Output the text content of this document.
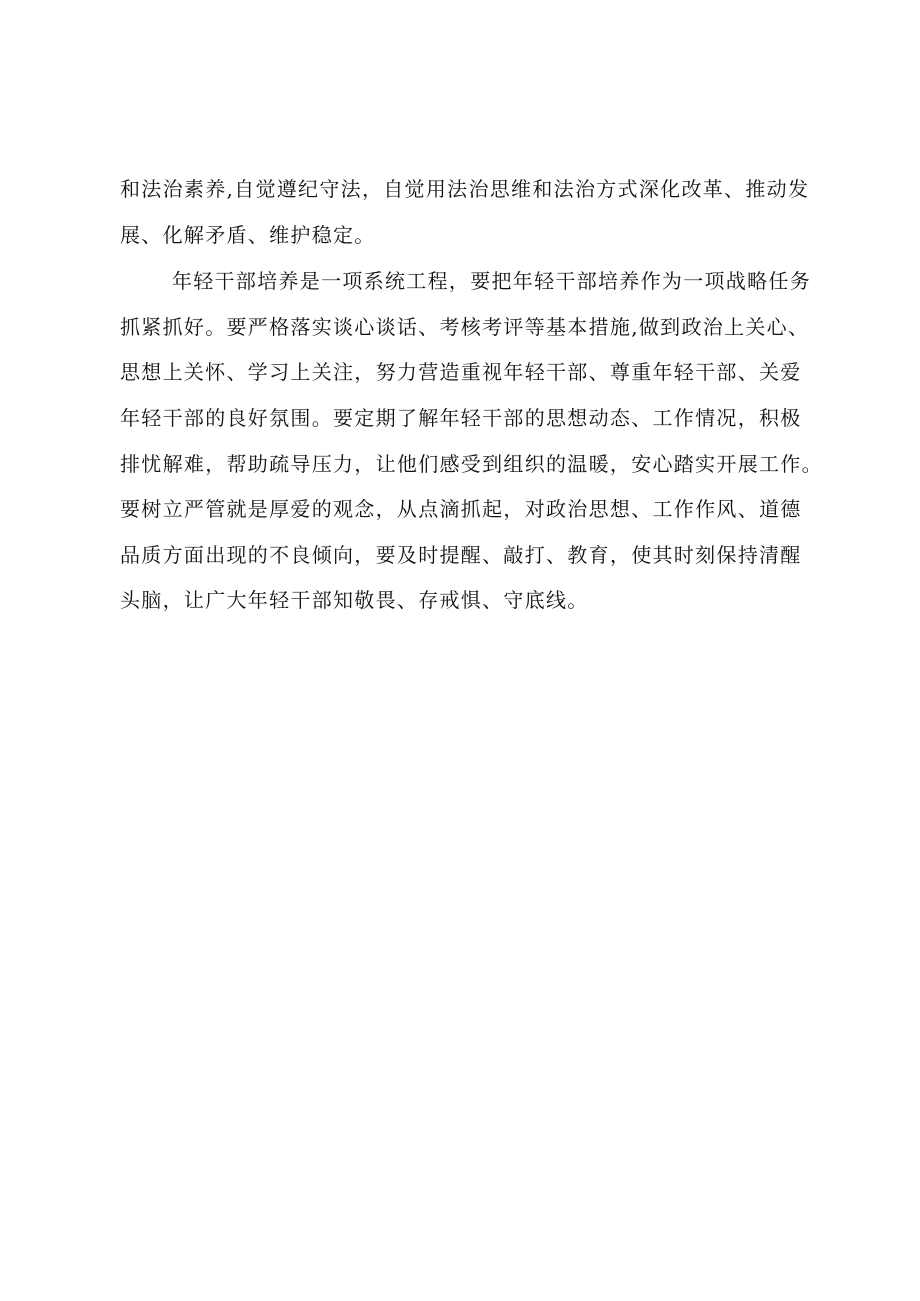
和法治素养,自觉遵纪守法，自觉用法治思维和法治方式深化改革、推动发
展、化解矛盾、维护稳定。
年轻干部培养是一项系统工程，要把年轻干部培养作为一项战略任务
抓紧抓好。要严格落实谈心谈话、考核考评等基本措施,做到政治上关心、
思想上关怀、学习上关注，努力营造重视年轻干部、尊重年轻干部、关爱
年轻干部的良好氛围。要定期了解年轻干部的思想动态、工作情况，积极
排忧解难，帮助疏导压力，让他们感受到组织的温暖，安心踏实开展工作。
要树立严管就是厚爱的观念，从点滴抓起，对政治思想、工作作风、道德
品质方面出现的不良倾向，要及时提醒、敲打、教育，使其时刻保持清醒
头脑，让广大年轻干部知敬畏、存戒惧、守底线。
